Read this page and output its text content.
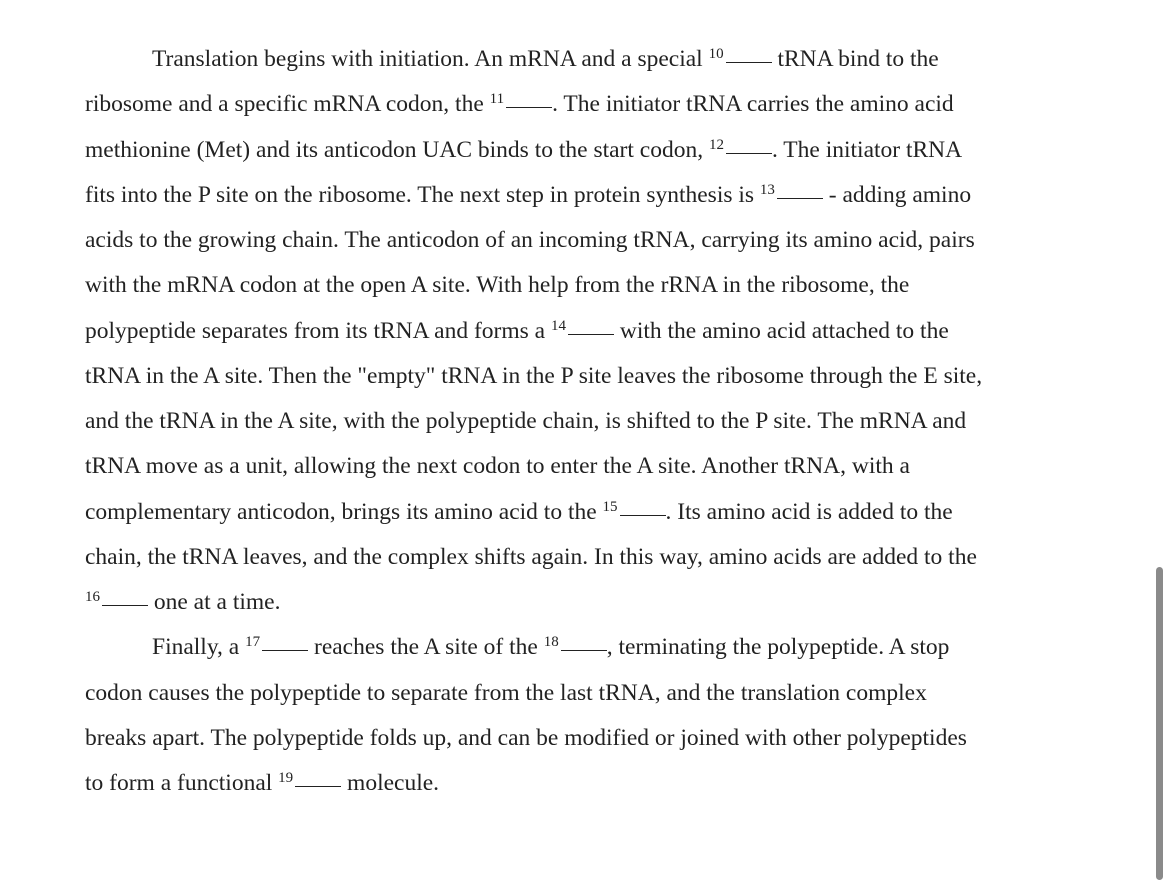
Translation begins with initiation. An mRNA and a special $^{10}$ tRNA bind to the
ribosome and a specific mRNA codon, the $^{11}$ . The initiator tRNA carries the amino acid
methionine (Met) and its anticodon UAC binds to the start codon, $^{12}$ . The initiator tRNA
fits into the P site on the ribosome. The next step in protein synthesis is $^{13}$ - adding amino
acids to the growing chain. The anticodon of an incoming tRNA, carrying its amino acid, pairs
with the mRNA codon at the open A site. With help from the rRNA in the ribosome, the
polypeptide separates from its tRNA and forms a $^{14}$ with the amino acid attached to the
tRNA in the A site. Then the "empty" tRNA in the P site leaves the ribosome through the E site,
and the tRNA in the A site, with the polypeptide chain, is shifted to the P site. The mRNA and
tRNA move as a unit, allowing the next codon to enter the A site. Another tRNA, with a
complementary anticodon, brings its amino acid to the $^{15}$ . Its amino acid is added to the
chain, the tRNA leaves, and the complex shifts again. In this way, amino acids are added to the
$^{16}$ one at a time.
Finally, a $^{17}$ reaches the A site of the $^{18}$ , terminating the polypeptide. A stop
codon causes the polypeptide to separate from the last tRNA, and the translation complex
breaks apart. The polypeptide folds up, and can be modified or joined with other polypeptides
to form a functional $^{19}$ molecule.
